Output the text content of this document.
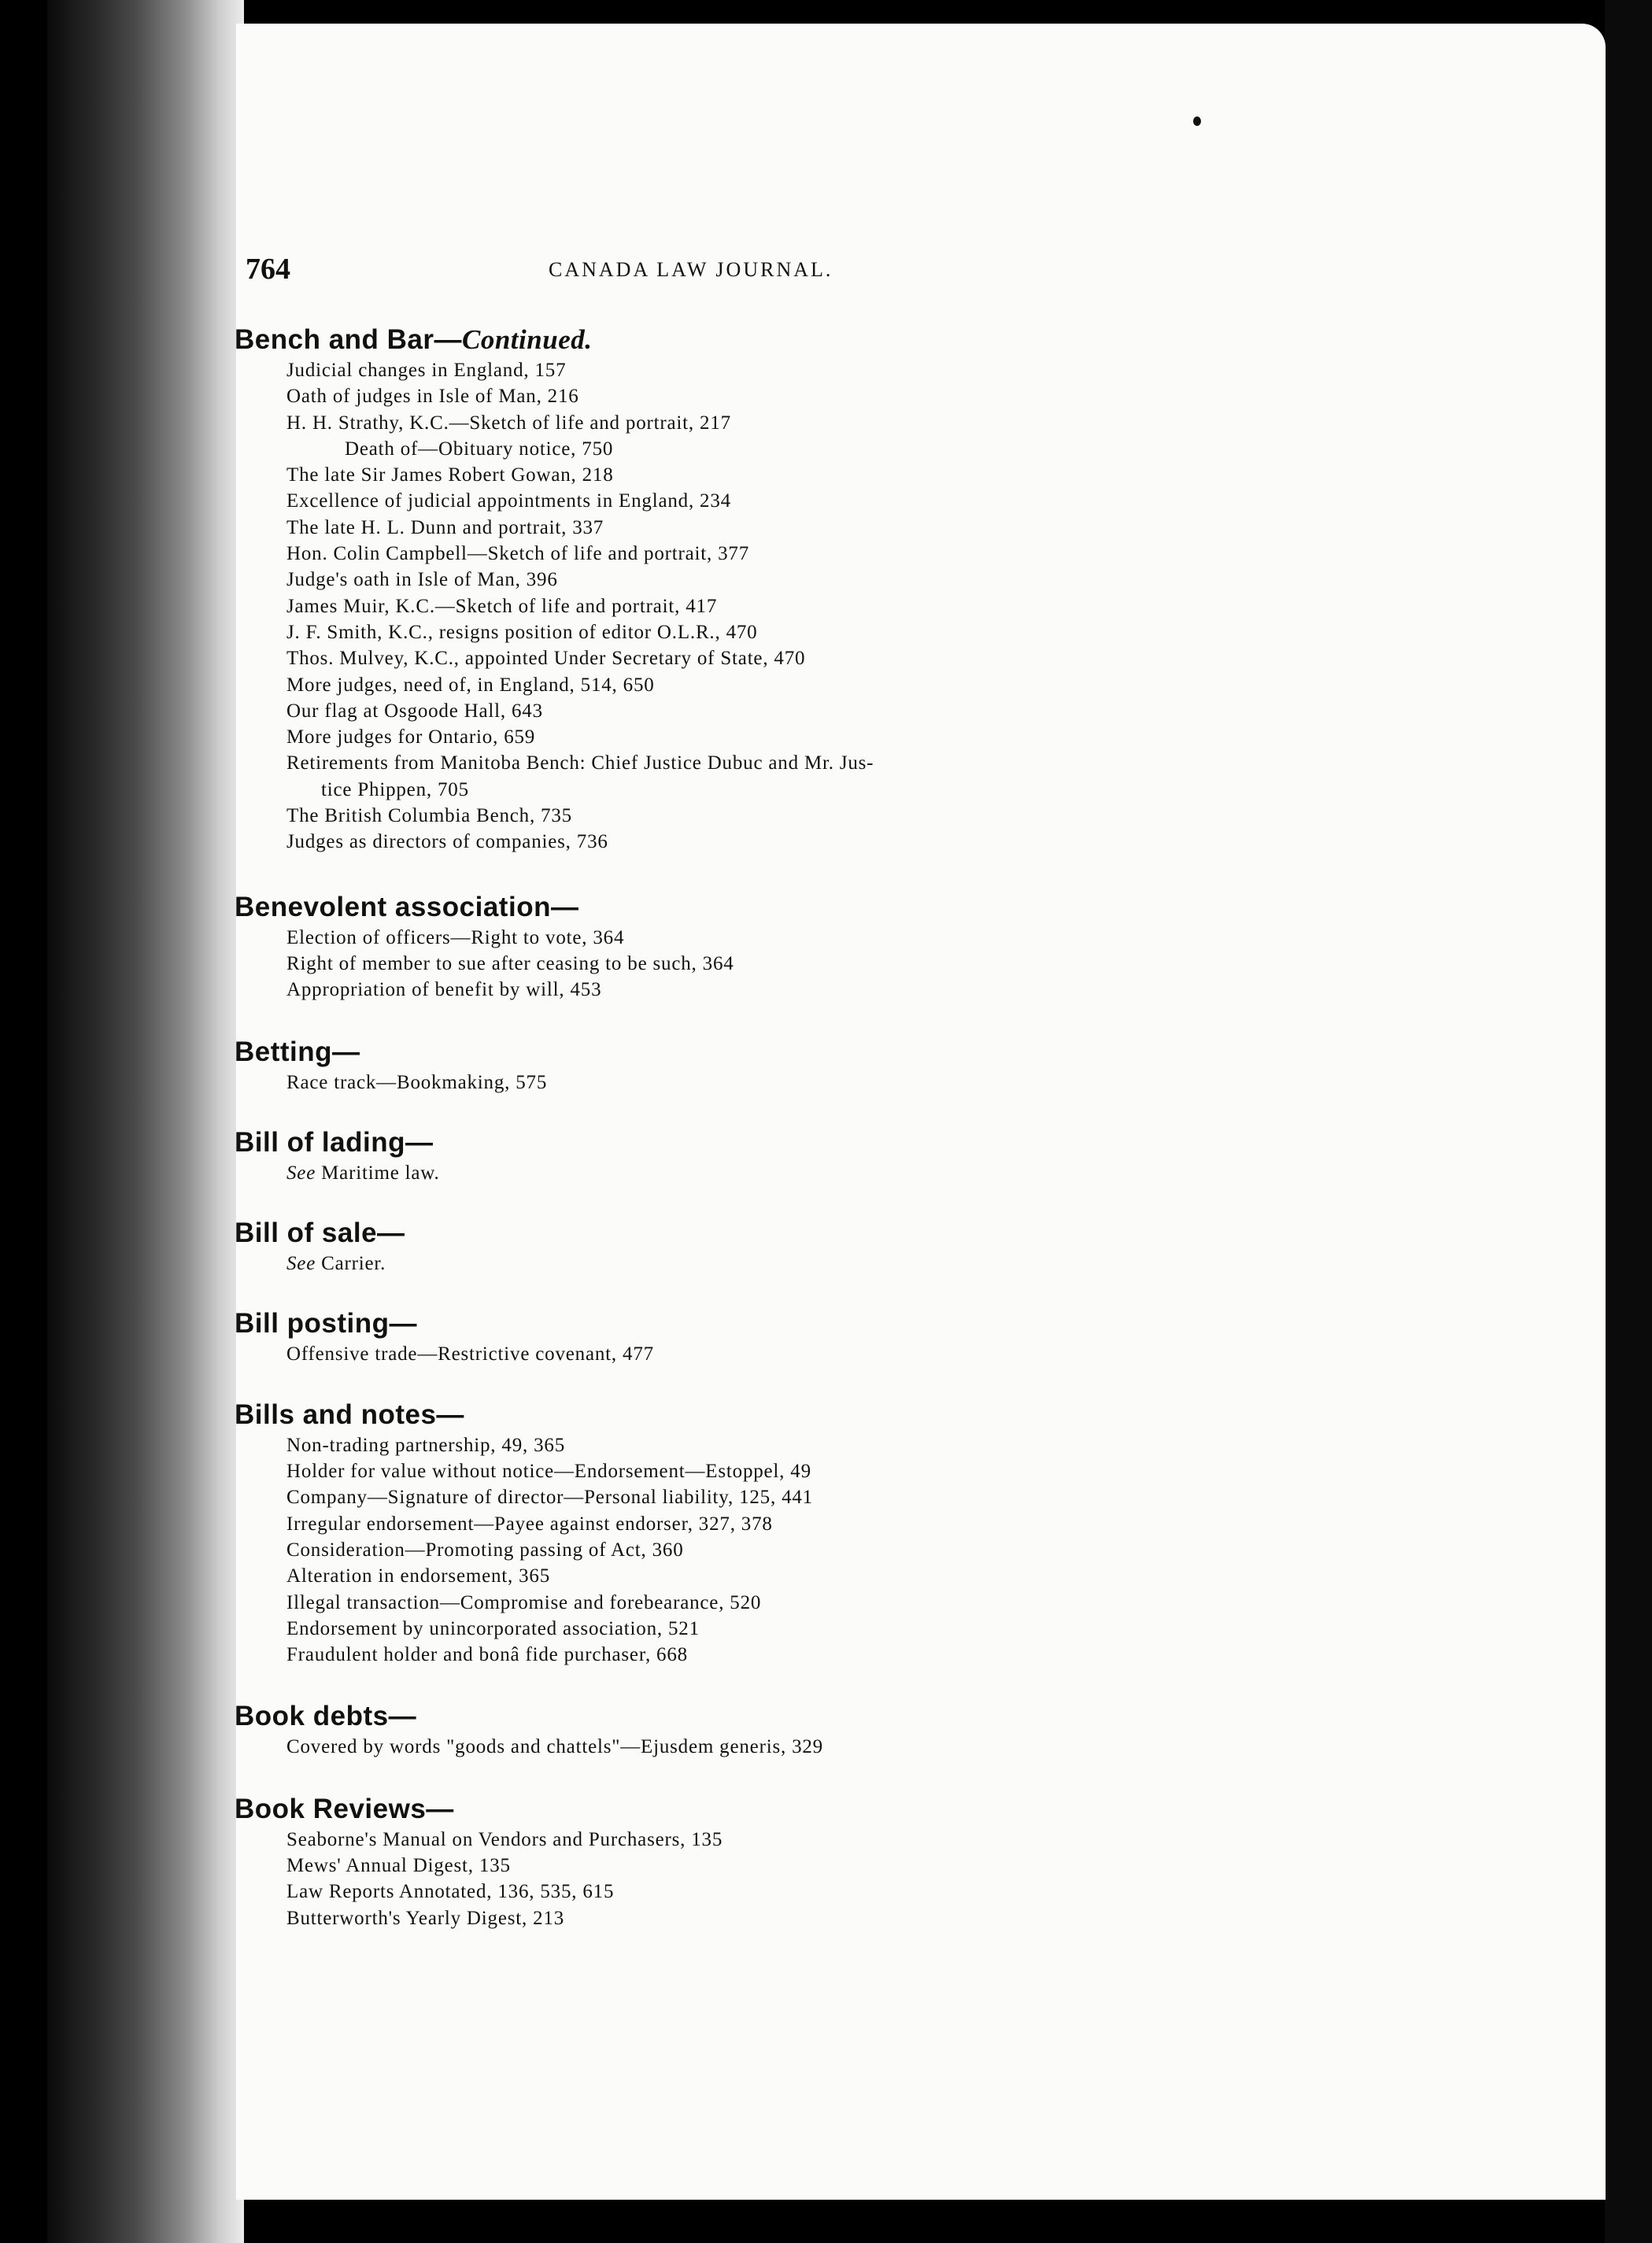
764	CANADA LAW JOURNAL.
Bench and Bar—Continued.
Judicial changes in England, 157
Oath of judges in Isle of Man, 216
H. H. Strathy, K.C.—Sketch of life and portrait, 217
Death of—Obituary notice, 750
The late Sir James Robert Gowan, 218
Excellence of judicial appointments in England, 234
The late H. L. Dunn and portrait, 337
Hon. Colin Campbell—Sketch of life and portrait, 377
Judge's oath in Isle of Man, 396
James Muir, K.C.—Sketch of life and portrait, 417
J. F. Smith, K.C., resigns position of editor O.L.R., 470
Thos. Mulvey, K.C., appointed Under Secretary of State, 470
More judges, need of, in England, 514, 650
Our flag at Osgoode Hall, 643
More judges for Ontario, 659
Retirements from Manitoba Bench: Chief Justice Dubuc and Mr. Jus-
tice Phippen, 705
The British Columbia Bench, 735
Judges as directors of companies, 736
Benevolent association—
Election of officers—Right to vote, 364
Right of member to sue after ceasing to be such, 364
Appropriation of benefit by will, 453
Betting—
Race track—Bookmaking, 575
Bill of lading—
See Maritime law.
Bill of sale—
See Carrier.
Bill posting—
Offensive trade—Restrictive covenant, 477
Bills and notes—
Non-trading partnership, 49, 365
Holder for value without notice—Endorsement—Estoppel, 49
Company—Signature of director—Personal liability, 125, 441
Irregular endorsement—Payee against endorser, 327, 378
Consideration—Promoting passing of Act, 360
Alteration in endorsement, 365
Illegal transaction—Compromise and forebearance, 520
Endorsement by unincorporated association, 521
Fraudulent holder and bonâ fide purchaser, 668
Book debts—
Covered by words "goods and chattels"—Ejusdem generis, 329
Book Reviews—
Seaborne's Manual on Vendors and Purchasers, 135
Mews' Annual Digest, 135
Law Reports Annotated, 136, 535, 615
Butterworth's Yearly Digest, 213
